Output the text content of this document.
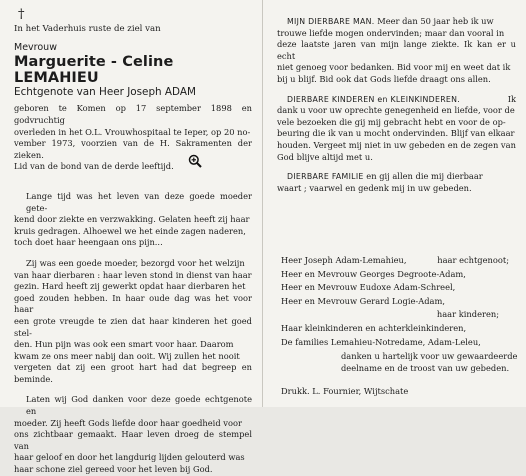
†
In het Vaderhuis ruste de ziel van
Mevrouw
Marguerite - Celine LEMAHIEU
Echtgenote van Heer Joseph ADAM
geboren te Komen op 17 september 1898 en godvruchtig
overleden in het O.L. Vrouwhospitaal te Ieper, op 20 no-
vember 1973, voorzien van de H. Sakramenten der zieken.
Lid van de bond van de derde leeftijd.
Lange tijd was het leven van deze goede moeder gete-
kend door ziekte en verzwakking. Gelaten heeft zij haar
kruis gedragen. Alhoewel we het einde zagen naderen,
toch doet haar heengaan ons pijn...
Zij was een goede moeder, bezorgd voor het welzijn
van haar dierbaren : haar leven stond in dienst van haar
gezin. Hard heeft zij gewerkt opdat haar dierbaren het
goed zouden hebben. In haar oude dag was het voor haar
een grote vreugde te zien dat haar kinderen het goed stel-
den. Hun pijn was ook een smart voor haar. Daarom
kwam ze ons meer nabij dan ooit. Wij zullen het nooit
vergeten dat zij een groot hart had dat begreep en beminde.
Laten wij God danken voor deze goede echtgenote en
moeder. Zij heeft Gods liefde door haar goedheid voor
ons zichtbaar gemaakt. Haar leven droeg de stempel van
haar geloof en door het langdurig lijden gelouterd was
haar schone ziel gereed voor het leven bij God.
MIJN DIERBARE MAN. Meer dan 50 jaar heb ik uw
trouwe liefde mogen ondervinden; maar dan vooral in
deze laatste jaren van mijn lange ziekte. Ik kan er u echt
niet genoeg voor bedanken. Bid voor mij en weet dat ik
bij u blijf. Bid ook dat Gods liefde draagt ons allen.
DIERBARE KINDEREN en KLEINKINDEREN.	Ik
dank u voor uw oprechte genegenheid en liefde, voor de
vele bezoeken die gij mij gebracht hebt en voor de op-
beuring die ik van u mocht ondervinden. Blijf van elkaar
houden. Vergeet mij niet in uw gebeden en de zegen van
God blijve altijd met u.
DIERBARE FAMILIE en gij allen die mij dierbaar
waart ; vaarwel en gedenk mij in uw gebeden.
Heer Joseph Adam-Lemahieu,	haar echtgenoot;
Heer en Mevrouw Georges Degroote-Adam,
Heer en Mevrouw Eudoxe Adam-Schreel,
Heer en Mevrouw Gerard Logie-Adam,
haar kinderen;
Haar kleinkinderen en achterkleinkinderen,
De families Lemahieu-Notredame, Adam-Leleu,
danken u hartelijk voor uw gewaardeerde
deelname en de troost van uw gebeden.
Drukk. L. Fournier, Wijtschate
